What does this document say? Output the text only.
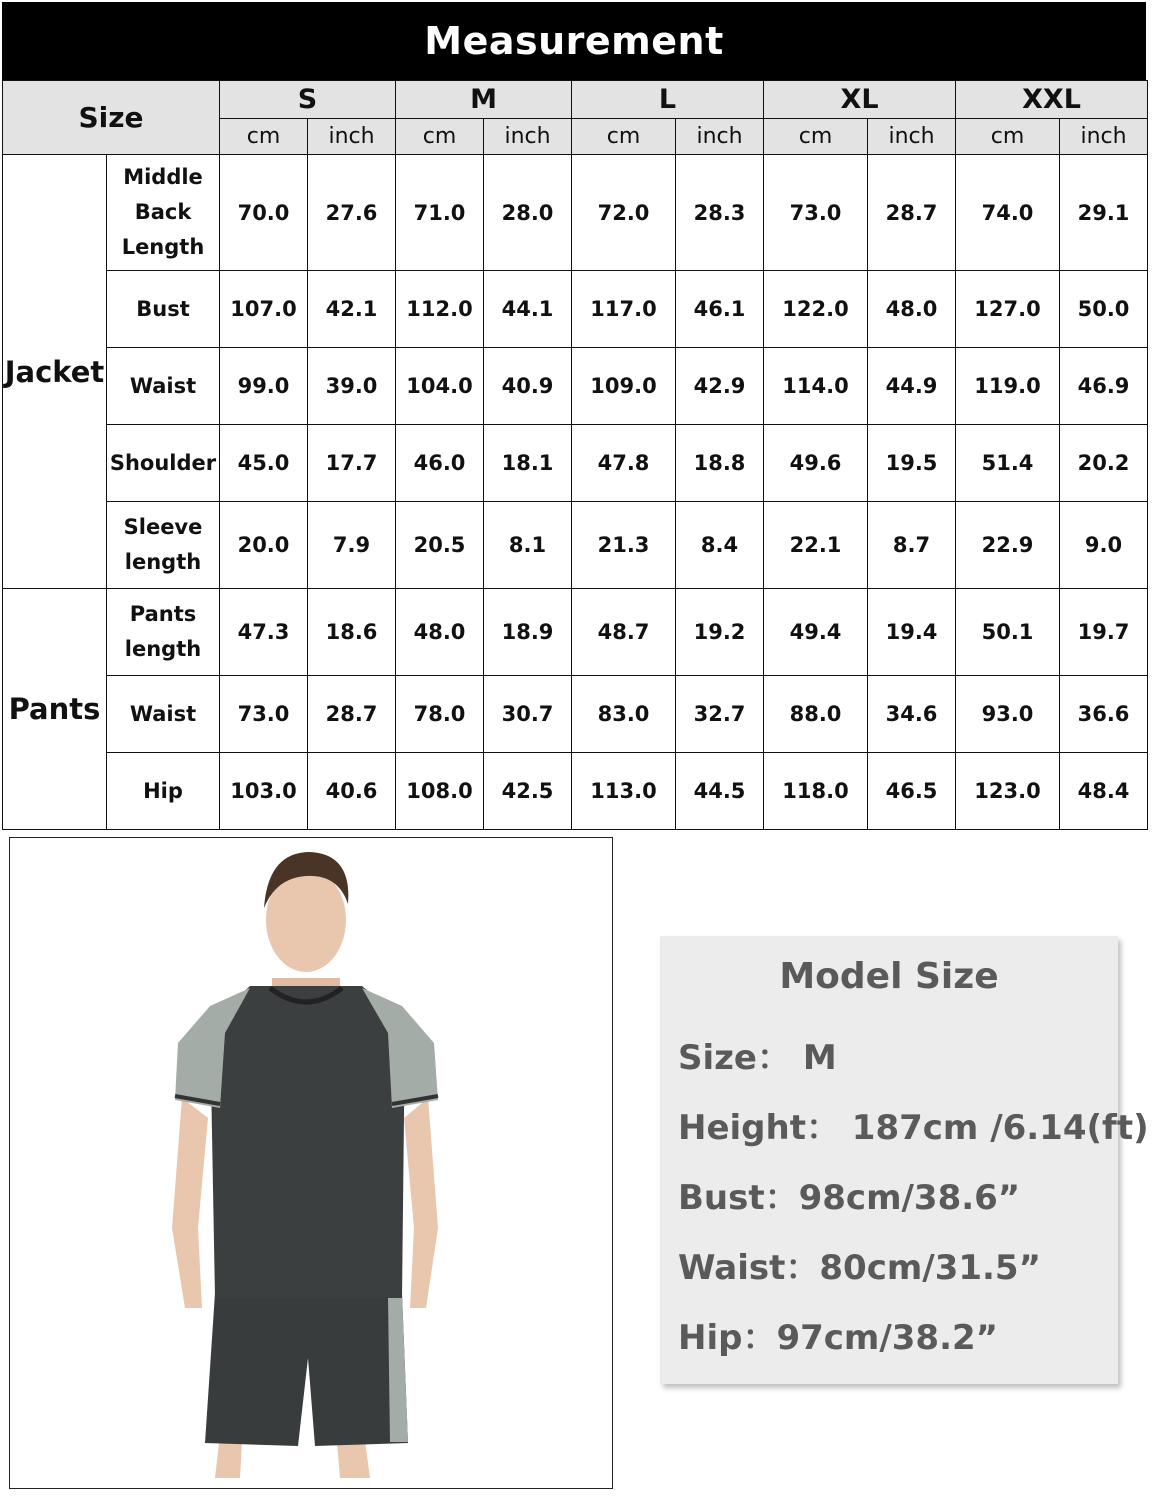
Measurement
Size		S		M		L		XL		XXL	
		cm	inch	cm	inch	cm	inch	cm	inch	cm	inch
Jacket	Middle Back Length	70.0	27.6	71.0	28.0	72.0	28.3	73.0	28.7	74.0	29.1
	Bust	107.0	42.1	112.0	44.1	117.0	46.1	122.0	48.0	127.0	50.0
	Waist	99.0	39.0	104.0	40.9	109.0	42.9	114.0	44.9	119.0	46.9
	Shoulder	45.0	17.7	46.0	18.1	47.8	18.8	49.6	19.5	51.4	20.2
	Sleeve length	20.0	7.9	20.5	8.1	21.3	8.4	22.1	8.7	22.9	9.0
Pants	Pants length	47.3	18.6	48.0	18.9	48.7	19.2	49.4	19.4	50.1	19.7
	Waist	73.0	28.7	78.0	30.7	83.0	32.7	88.0	34.6	93.0	36.6
	Hip	103.0	40.6	108.0	42.5	113.0	44.5	118.0	46.5	123.0	48.4
Model Size
Size： M
Height： 187cm /6.14(ft)
Bust：98cm/38.6”
Waist：80cm/31.5”
Hip：97cm/38.2”
